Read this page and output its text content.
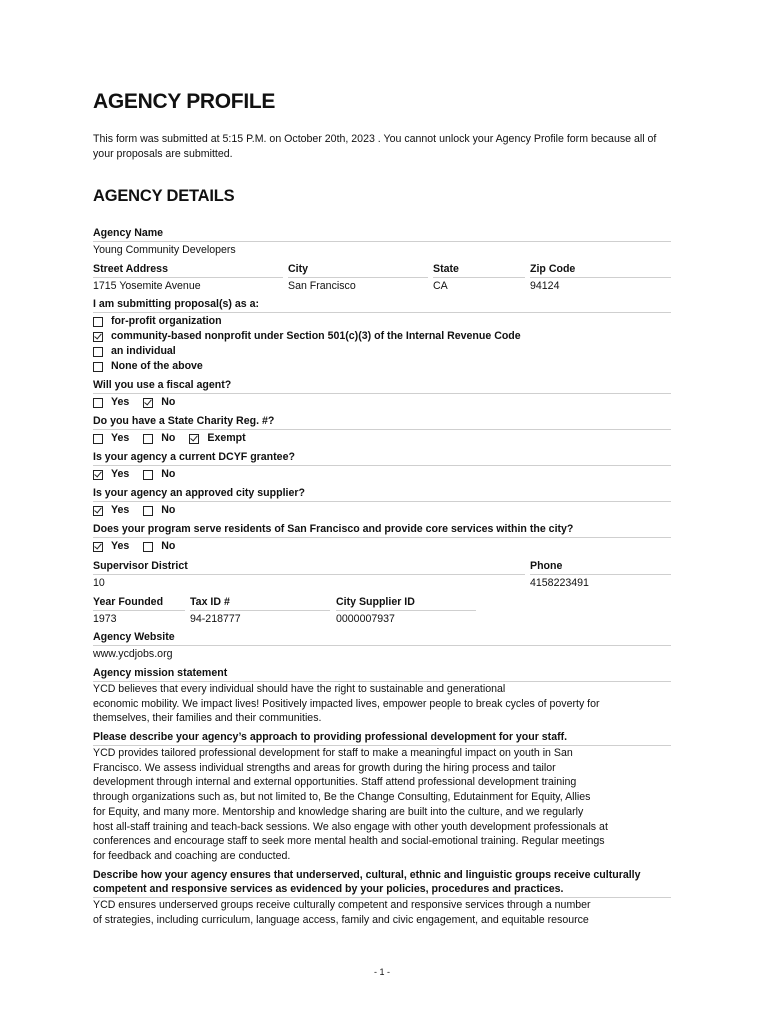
AGENCY PROFILE
This form was submitted at 5:15 P.M. on October 20th, 2023 . You cannot unlock your Agency Profile form because all of your proposals are submitted.
AGENCY DETAILS
Agency Name
Young Community Developers
Street Address
1715 Yosemite Avenue
City
San Francisco
State
CA
Zip Code
94124
I am submitting proposal(s) as a:
for-profit organization
community-based nonprofit under Section 501(c)(3) of the Internal Revenue Code
an individual
None of the above
Will you use a fiscal agent?
Yes	No
Do you have a State Charity Reg. #?
Yes	No	Exempt
Is your agency a current DCYF grantee?
Yes	No
Is your agency an approved city supplier?
Yes	No
Does your program serve residents of San Francisco and provide core services within the city?
Yes	No
Supervisor District
10
Phone
4158223491
Year Founded
1973
Tax ID #
94-218777
City Supplier ID
0000007937
Agency Website
www.ycdjobs.org
Agency mission statement
YCD believes that every individual should have the right to sustainable and generational
economic mobility. We impact lives! Positively impacted lives, empower people to break cycles of poverty for
themselves, their families and their communities.
Please describe your agency’s approach to providing professional development for your staff.
YCD provides tailored professional development for staff to make a meaningful impact on youth in San
Francisco. We assess individual strengths and areas for growth during the hiring process and tailor
development through internal and external opportunities. Staff attend professional development training
through organizations such as, but not limited to, Be the Change Consulting, Edutainment for Equity, Allies
for Equity, and many more. Mentorship and knowledge sharing are built into the culture, and we regularly
host all-staff training and teach-back sessions. We also engage with other youth development professionals at
conferences and encourage staff to seek more mental health and social-emotional training. Regular meetings
for feedback and coaching are conducted.
Describe how your agency ensures that underserved, cultural, ethnic and linguistic groups receive culturally
competent and responsive services as evidenced by your policies, procedures and practices.
YCD ensures underserved groups receive culturally competent and responsive services through a number
of strategies, including curriculum, language access, family and civic engagement, and equitable resource
- 1 -
